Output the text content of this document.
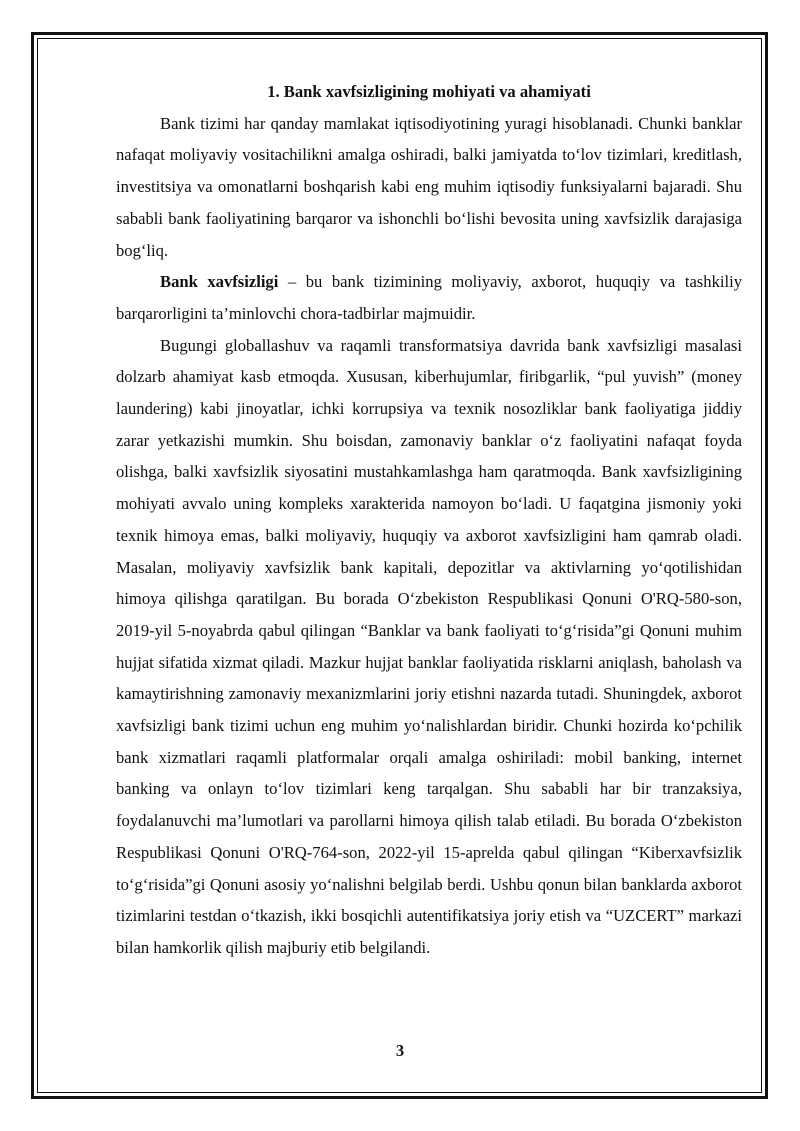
1. Bank xavfsizligining mohiyati va ahamiyati

Bank tizimi har qanday mamlakat iqtisodiyotining yuragi hisoblanadi. Chunki banklar nafaqat moliyaviy vositachilikni amalga oshiradi, balki jamiyatda to‘lov tizimlari, kreditlash, investitsiya va omonatlarni boshqarish kabi eng muhim iqtisodiy funksiyalarni bajaradi. Shu sababli bank faoliyatining barqaror va ishonchli bo‘lishi bevosita uning xavfsizlik darajasiga bog‘liq.

Bank xavfsizligi – bu bank tizimining moliyaviy, axborot, huquqiy va tashkiliy barqarorligini ta’minlovchi chora-tadbirlar majmuidir.

Bugungi globallashuv va raqamli transformatsiya davrida bank xavfsizligi masalasi dolzarb ahamiyat kasb etmoqda. Xususan, kiberhujumlar, firibgarlik, “pul yuvish” (money laundering) kabi jinoyatlar, ichki korrupsiya va texnik nosozliklar bank faoliyatiga jiddiy zarar yetkazishi mumkin. Shu boisdan, zamonaviy banklar o‘z faoliyatini nafaqat foyda olishga, balki xavfsizlik siyosatini mustahkamlashga ham qaratmoqda. Bank xavfsizligining mohiyati avvalo uning kompleks xarakterida namoyon bo‘ladi. U faqatgina jismoniy yoki texnik himoya emas, balki moliyaviy, huquqiy va axborot xavfsizligini ham qamrab oladi. Masalan, moliyaviy xavfsizlik bank kapitali, depozitlar va aktivlarning yo‘qotilishidan himoya qilishga qaratilgan. Bu borada O‘zbekiston Respublikasi Qonuni O'RQ-580-son, 2019-yil 5-noyabrda qabul qilingan “Banklar va bank faoliyati to‘g‘risida”gi Qonuni muhim hujjat sifatida xizmat qiladi. Mazkur hujjat banklar faoliyatida risklarni aniqlash, baholash va kamaytirishning zamonaviy mexanizmlarini joriy etishni nazarda tutadi. Shuningdek, axborot xavfsizligi bank tizimi uchun eng muhim yo‘nalishlardan biridir. Chunki hozirda ko‘pchilik bank xizmatlari raqamli platformalar orqali amalga oshiriladi: mobil banking, internet banking va onlayn to‘lov tizimlari keng tarqalgan. Shu sababli har bir tranzaksiya, foydalanuvchi ma’lumotlari va parollarni himoya qilish talab etiladi. Bu borada O‘zbekiston Respublikasi Qonuni O'RQ-764-son, 2022-yil 15-aprelda qabul qilingan “Kiberxavfsizlik to‘g‘risida”gi Qonuni asosiy yo‘nalishni belgilab berdi. Ushbu qonun bilan banklarda axborot tizimlarini testdan o‘tkazish, ikki bosqichli autentifikatsiya joriy etish va “UZCERT” markazi bilan hamkorlik qilish majburiy etib belgilandi.

3
